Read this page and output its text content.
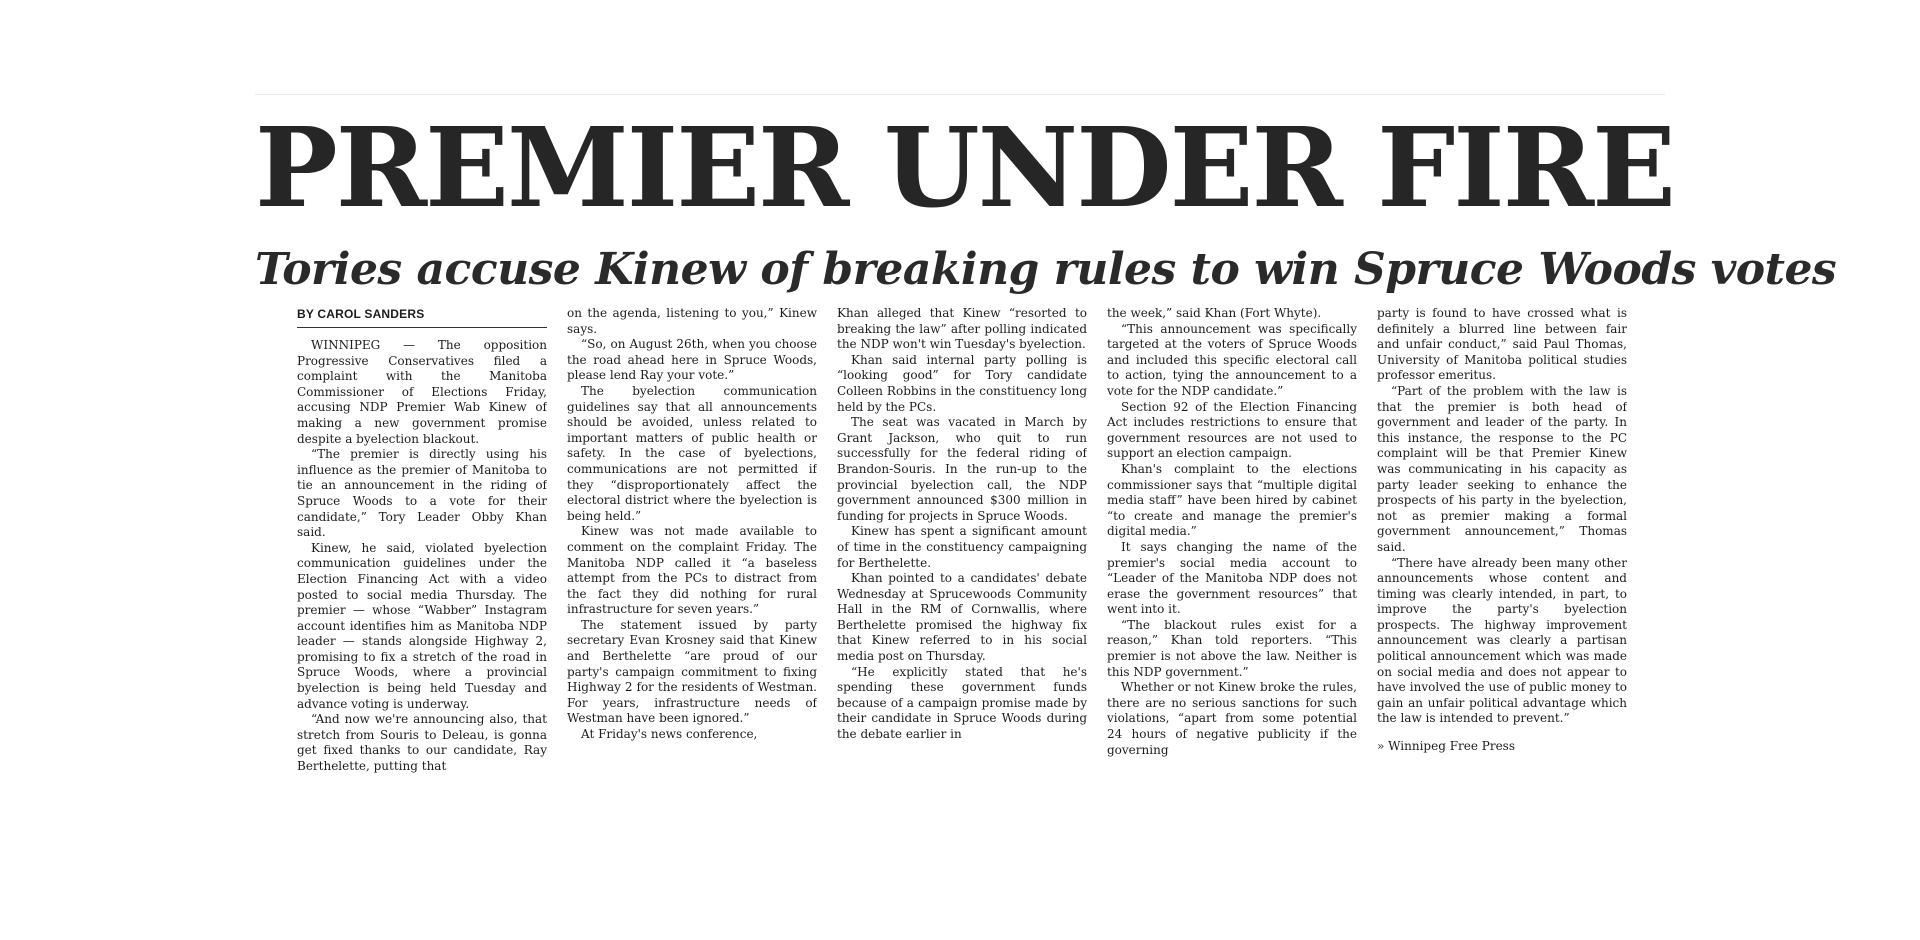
PREMIER UNDER FIRE
Tories accuse Kinew of breaking rules to win Spruce Woods votes
BY CAROL SANDERS

WINNIPEG — The opposition Progressive Conservatives filed a complaint with the Manitoba Commissioner of Elections Friday, accusing NDP Premier Wab Kinew of making a new government promise despite a byelection blackout.

“The premier is directly using his influence as the premier of Manitoba to tie an announcement in the riding of Spruce Woods to a vote for their candidate,” Tory Leader Obby Khan said.

Kinew, he said, violated byelection communication guidelines under the Election Financing Act with a video posted to social media Thursday. The premier — whose “Wabber” Instagram account identifies him as Manitoba NDP leader — stands alongside Highway 2, promising to fix a stretch of the road in Spruce Woods, where a provincial byelection is being held Tuesday and advance voting is underway.

“And now we're announcing also, that stretch from Souris to Deleau, is gonna get fixed thanks to our candidate, Ray Berthelette, putting that

on the agenda, listening to you,” Kinew says.

“So, on August 26th, when you choose the road ahead here in Spruce Woods, please lend Ray your vote.”

The byelection communication guidelines say that all announcements should be avoided, unless related to important matters of public health or safety. In the case of byelections, communications are not permitted if they “disproportionately affect the electoral district where the byelection is being held.”

Kinew was not made available to comment on the complaint Friday. The Manitoba NDP called it “a baseless attempt from the PCs to distract from the fact they did nothing for rural infrastructure for seven years.”

The statement issued by party secretary Evan Krosney said that Kinew and Berthelette “are proud of our party's campaign commitment to fixing Highway 2 for the residents of Westman. For years, infrastructure needs of Westman have been ignored.”

At Friday's news conference,

Khan alleged that Kinew “resorted to breaking the law” after polling indicated the NDP won't win Tuesday's byelection.

Khan said internal party polling is “looking good” for Tory candidate Colleen Robbins in the constituency long held by the PCs.

The seat was vacated in March by Grant Jackson, who quit to run successfully for the federal riding of Brandon-Souris. In the run-up to the provincial byelection call, the NDP government announced $300 million in funding for projects in Spruce Woods.

Kinew has spent a significant amount of time in the constituency campaigning for Berthelette.

Khan pointed to a candidates' debate Wednesday at Sprucewoods Community Hall in the RM of Cornwallis, where Berthelette promised the highway fix that Kinew referred to in his social media post on Thursday.

“He explicitly stated that he's spending these government funds because of a campaign promise made by their candidate in Spruce Woods during the debate earlier in

the week,” said Khan (Fort Whyte).

“This announcement was specifically targeted at the voters of Spruce Woods and included this specific electoral call to action, tying the announcement to a vote for the NDP candidate.”

Section 92 of the Election Financing Act includes restrictions to ensure that government resources are not used to support an election campaign.

Khan's complaint to the elections commissioner says that “multiple digital media staff” have been hired by cabinet “to create and manage the premier's digital media.”

It says changing the name of the premier's social media account to “Leader of the Manitoba NDP does not erase the government resources” that went into it.

“The blackout rules exist for a reason,” Khan told reporters. “This premier is not above the law. Neither is this NDP government.”

Whether or not Kinew broke the rules, there are no serious sanctions for such violations, “apart from some potential 24 hours of negative publicity if the governing

party is found to have crossed what is definitely a blurred line between fair and unfair conduct,” said Paul Thomas, University of Manitoba political studies professor emeritus.

“Part of the problem with the law is that the premier is both head of government and leader of the party. In this instance, the response to the PC complaint will be that Premier Kinew was communicating in his capacity as party leader seeking to enhance the prospects of his party in the byelection, not as premier making a formal government announcement,” Thomas said.

“There have already been many other announcements whose content and timing was clearly intended, in part, to improve the party's byelection prospects. The highway improvement announcement was clearly a partisan political announcement which was made on social media and does not appear to have involved the use of public money to gain an unfair political advantage which the law is intended to prevent.”

» Winnipeg Free Press
